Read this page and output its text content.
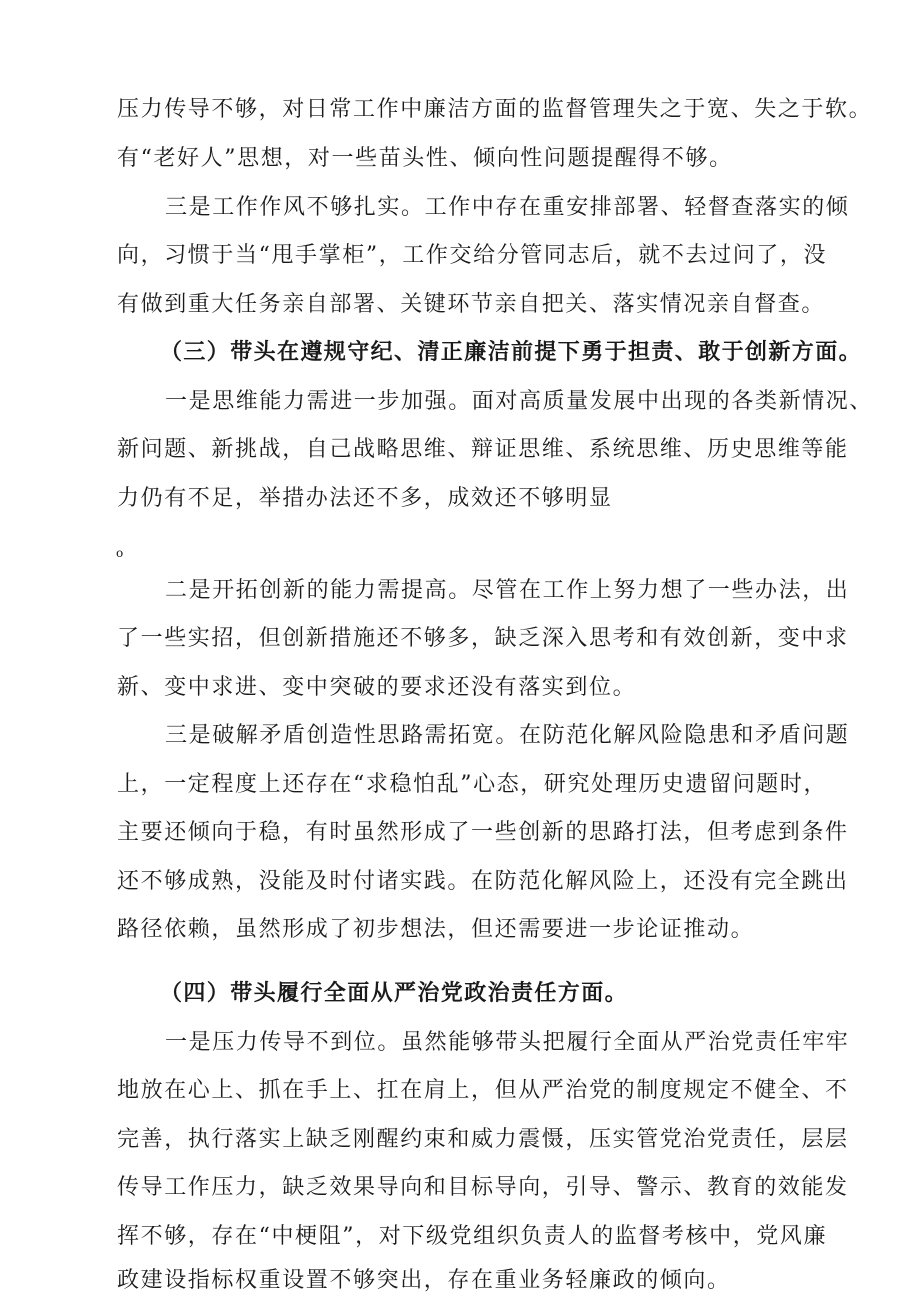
压力传导不够，对日常工作中廉洁方面的监督管理失之于宽、失之于软。
有“老好人”思想，对一些苗头性、倾向性问题提醒得不够。
三是工作作风不够扎实。工作中存在重安排部署、轻督查落实的倾
向，习惯于当“甩手掌柜”，工作交给分管同志后，就不去过问了，没
有做到重大任务亲自部署、关键环节亲自把关、落实情况亲自督查。
（三）带头在遵规守纪、清正廉洁前提下勇于担责、敢于创新方面。
一是思维能力需进一步加强。面对高质量发展中出现的各类新情况、
新问题、新挑战，自己战略思维、辩证思维、系统思维、历史思维等能
力仍有不足，举措办法还不多，成效还不够明显
o
二是开拓创新的能力需提高。尽管在工作上努力想了一些办法，出
了一些实招，但创新措施还不够多，缺乏深入思考和有效创新，变中求
新、变中求进、变中突破的要求还没有落实到位。
三是破解矛盾创造性思路需拓宽。在防范化解风险隐患和矛盾问题
上，一定程度上还存在“求稳怕乱”心态，研究处理历史遗留问题时，
主要还倾向于稳，有时虽然形成了一些创新的思路打法，但考虑到条件
还不够成熟，没能及时付诸实践。在防范化解风险上，还没有完全跳出
路径依赖，虽然形成了初步想法，但还需要进一步论证推动。
（四）带头履行全面从严治党政治责任方面。
一是压力传导不到位。虽然能够带头把履行全面从严治党责任牢牢
地放在心上、抓在手上、扛在肩上，但从严治党的制度规定不健全、不
完善，执行落实上缺乏刚醒约束和威力震慑，压实管党治党责任，层层
传导工作压力，缺乏效果导向和目标导向，引导、警示、教育的效能发
挥不够，存在“中梗阻”，对下级党组织负责人的监督考核中，党风廉
政建设指标权重设置不够突出，存在重业务轻廉政的倾向。
